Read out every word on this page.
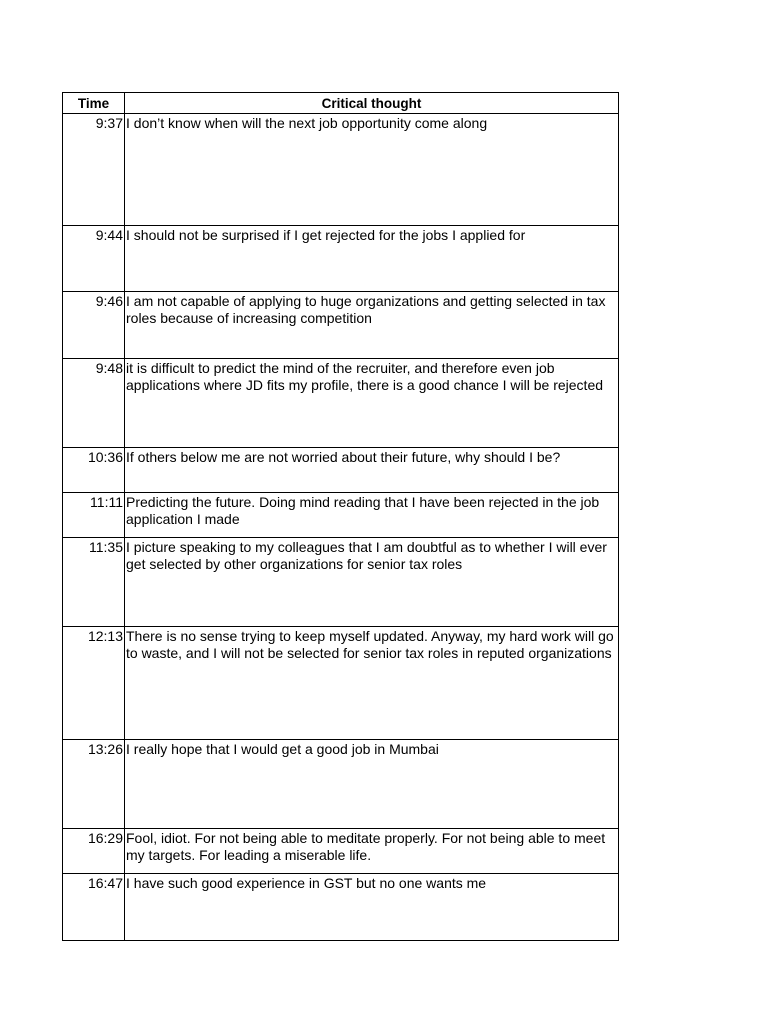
Time	Critical thought
9:37	I don’t know when will the next job opportunity come along
9:44	I should not be surprised if I get rejected for the jobs I applied for
9:46	I am not capable of applying to huge organizations and getting selected in tax roles because of increasing competition
9:48	it is difficult to predict the mind of the recruiter, and therefore even job applications where JD fits my profile, there is a good chance I will be rejected
10:36	If others below me are not worried about their future, why should I be?
11:11	Predicting the future. Doing mind reading that I have been rejected in the job application I made
11:35	I picture speaking to my colleagues that I am doubtful as to whether I will ever get selected by other organizations for senior tax roles
12:13	There is no sense trying to keep myself updated. Anyway, my hard work will go to waste, and I will not be selected for senior tax roles in reputed organizations
13:26	I really hope that I would get a good job in Mumbai
16:29	Fool, idiot. For not being able to meditate properly. For not being able to meet my targets. For leading a miserable life.
16:47	I have such good experience in GST but no one wants me
